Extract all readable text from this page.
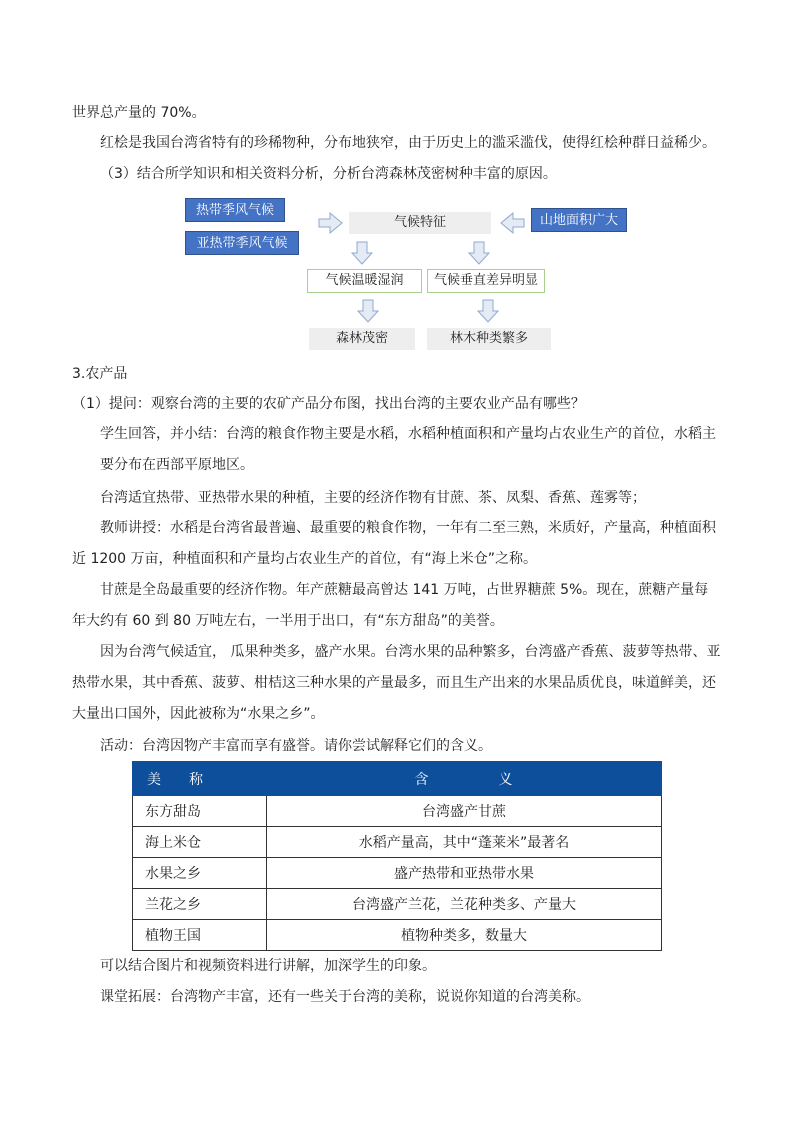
世界总产量的 70%。
红桧是我国台湾省特有的珍稀物种，分布地狭窄，由于历史上的滥采滥伐，使得红桧种群日益稀少。
（3）结合所学知识和相关资料分析，分析台湾森林茂密树种丰富的原因。
热带季风气候
亚热带季风气候
气候特征	山地面积广大
气候温暖湿润	气候垂直差异明显
森林茂密	林木种类繁多
3.农产品
（1）提问：观察台湾的主要的农矿产品分布图，找出台湾的主要农业产品有哪些？
学生回答，并小结：台湾的粮食作物主要是水稻，水稻种植面积和产量均占农业生产的首位，水稻主要分布在西部平原地区。
台湾适宜热带、亚热带水果的种植，主要的经济作物有甘蔗、茶、凤梨、香蕉、莲雾等；
教师讲授：水稻是台湾省最普遍、最重要的粮食作物，一年有二至三熟，米质好，产量高，种植面积近 1200 万亩，种植面积和产量均占农业生产的首位，有“海上米仓”之称。
甘蔗是全岛最重要的经济作物。年产蔗糖最高曾达 141 万吨，占世界糖蔗 5%。现在，蔗糖产量每年大约有 60 到 80 万吨左右，一半用于出口，有“东方甜岛”的美誉。
因为台湾气候适宜， 瓜果种类多，盛产水果。台湾水果的品种繁多，台湾盛产香蕉、菠萝等热带、亚热带水果，其中香蕉、菠萝、柑桔这三种水果的产量最多，而且生产出来的水果品质优良，味道鲜美，还大量出口国外，因此被称为“水果之乡”。
活动：台湾因物产丰富而享有盛誉。请你尝试解释它们的含义。
美　　称	含　　　　　义
东方甜岛	台湾盛产甘蔗
海上米仓	水稻产量高，其中“蓬莱米”最著名
水果之乡	盛产热带和亚热带水果
兰花之乡	台湾盛产兰花，兰花种类多、产量大
植物王国	植物种类多，数量大
可以结合图片和视频资料进行讲解，加深学生的印象。
课堂拓展：台湾物产丰富，还有一些关于台湾的美称，说说你知道的台湾美称。
